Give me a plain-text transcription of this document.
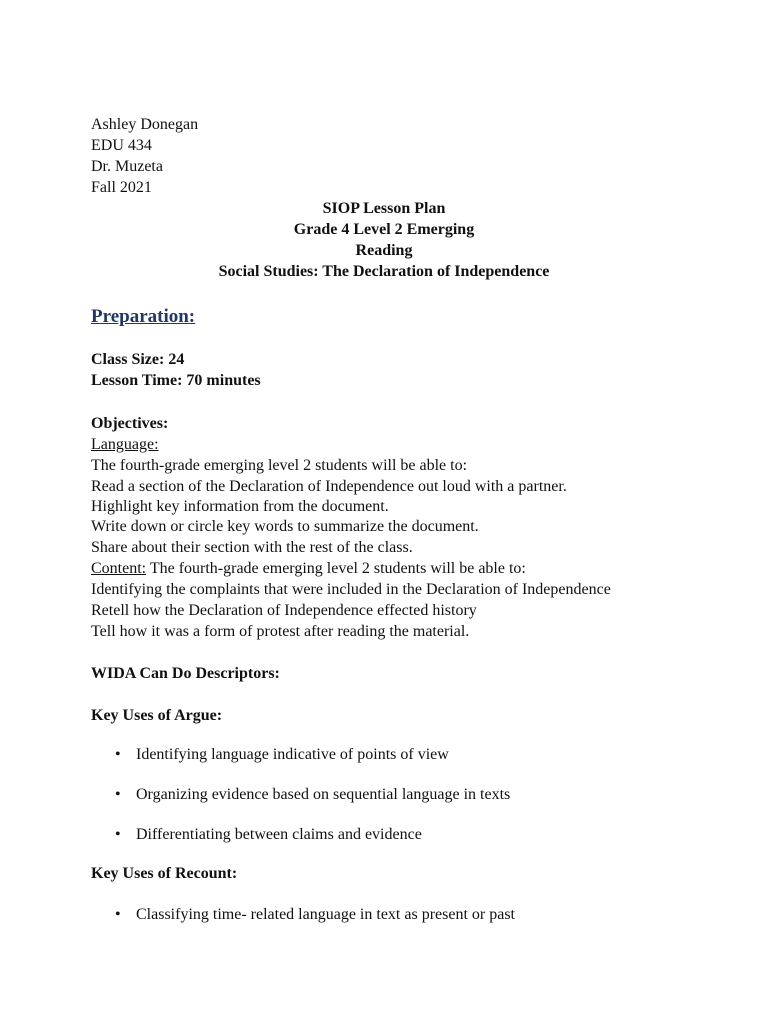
Ashley Donegan
EDU 434
Dr. Muzeta
Fall 2021
SIOP Lesson Plan
Grade 4 Level 2 Emerging
Reading
Social Studies: The Declaration of Independence
Preparation:
Class Size: 24
Lesson Time: 70 minutes
Objectives:
Language:
The fourth-grade emerging level 2 students will be able to:
Read a section of the Declaration of Independence out loud with a partner.
Highlight key information from the document.
Write down or circle key words to summarize the document.
Share about their section with the rest of the class.
Content: The fourth-grade emerging level 2 students will be able to:
Identifying the complaints that were included in the Declaration of Independence
Retell how the Declaration of Independence effected history
Tell how it was a form of protest after reading the material.
WIDA Can Do Descriptors:
Key Uses of Argue:
• Identifying language indicative of points of view
• Organizing evidence based on sequential language in texts
• Differentiating between claims and evidence
Key Uses of Recount:
• Classifying time- related language in text as present or past
